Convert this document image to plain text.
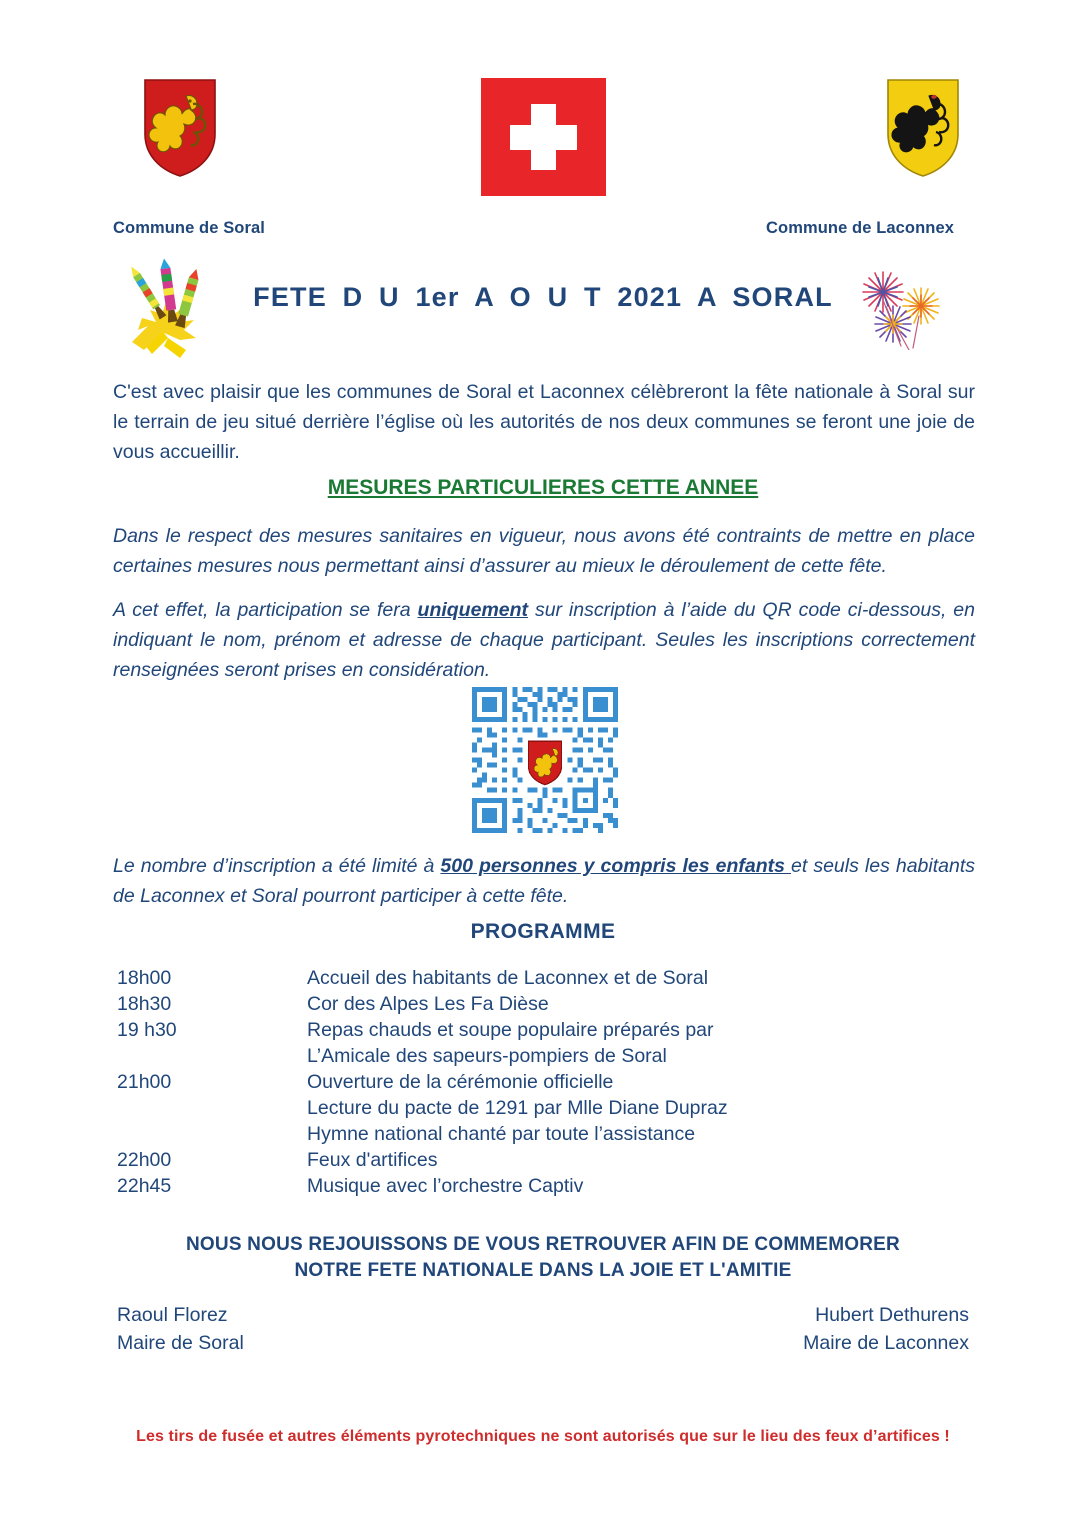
Commune de Soral	Commune de Laconnex
FETE D U 1er A O U T 2021 A SORAL

C'est avec plaisir que les communes de Soral et Laconnex célèbreront la fête nationale à Soral sur le terrain de jeu situé derrière l’église où les autorités de nos deux communes se feront une joie de vous accueillir.

MESURES PARTICULIERES CETTE ANNEE

Dans le respect des mesures sanitaires en vigueur, nous avons été contraints de mettre en place certaines mesures nous permettant ainsi d’assurer au mieux le déroulement de cette fête.

A cet effet, la participation se fera uniquement sur inscription à l’aide du QR code ci-dessous, en indiquant le nom, prénom et adresse de chaque participant. Seules les inscriptions correctement renseignées seront prises en considération.

Le nombre d’inscription a été limité à 500 personnes y compris les enfants et seuls les habitants de Laconnex et Soral pourront participer à cette fête.

PROGRAMME
18h00	Accueil des habitants de Laconnex et de Soral
18h30	Cor des Alpes Les Fa Dièse
19 h30	Repas chauds et soupe populaire préparés par
	L’Amicale des sapeurs-pompiers de Soral
21h00	Ouverture de la cérémonie officielle
	Lecture du pacte de 1291 par Mlle Diane Dupraz
	Hymne national chanté par toute l’assistance
22h00	Feux d'artifices
22h45	Musique avec l’orchestre Captiv
NOUS NOUS REJOUISSONS DE VOUS RETROUVER AFIN DE COMMEMORER
NOTRE FETE NATIONALE DANS LA JOIE ET L'AMITIE
Raoul Florez
Maire de Soral
Hubert Dethurens
Maire de Laconnex
Les tirs de fusée et autres éléments pyrotechniques ne sont autorisés que sur le lieu des feux d’artifices !
